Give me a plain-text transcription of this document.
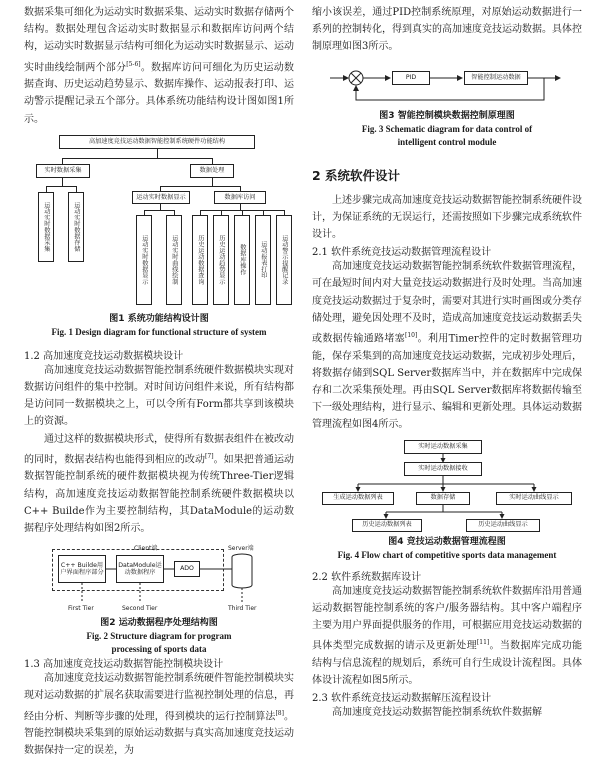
数据采集可细化为运动实时数据采集、运动实时数据存储两个结构。数据处理包含运动实时数据显示和数据库访问两个结构，运动实时数据显示结构可细化为运动实时数据显示、运动实时曲线绘制两个部分[5-6]。数据库访问可细化为历史运动数据查询、历史运动趋势显示、数据库操作、运动报表打印、运动警示提醒记录五个部分。具体系统功能结构设计图如图1所示。

高加速度竞技运动数据智能控制系统硬件功能结构
实时数据采集	数据处理
运动实时数据采集	运动实时数据存储
运动实时数据显示	数据库访问
运动实时数据显示	运动实时曲线绘制	历史运动数据查询	历史运动趋势显示	数据库操作	运动报表打印	运动警示提醒记录
图1 系统功能结构设计图
Fig. 1 Design diagram for functional structure of system

1.2 高加速度竞技运动数据模块设计

高加速度竞技运动数据智能控制系统硬件数据模块实现对数据访问组件的集中控制。对时间访问组件来说，所有结构都是访问同一数据模块之上，可以令所有Form都共享到该模块上的资源。

通过这样的数据模块形式，使得所有数据表组件在被改动的同时，数据表结构也能得到相应的改动[7]。如果把普通运动数据智能控制系统的硬件数据模块视为传统Three-Tier逻辑结构，高加速度竞技运动数据智能控制系统硬件数据模块以C++ Builde作为主要控制结构，其DataModule的运动数据程序处理结构如图2所示。

Client端	Server端
C++ Builde用户界面程序部分
DataModule运动数据程序
ADO
First Tier	Second Tier	Third Tier
图2 运动数据程序处理结构图
Fig. 2 Structure diagram for program
processing of sports data

1.3 高加速度竞技运动数据智能控制模块设计

高加速度竞技运动数据智能控制系统硬件智能控制模块实现对运动数据的扩展名获取需要进行监视控制处理的信息，再经由分析、判断等步骤的处理，得到模块的运行控制算法[8]。智能控制模块采集到的原始运动数据与真实高加速度竞技运动数据保持一定的误差，为

缩小该误差，通过PID控制系统原理，对原始运动数据进行一系列的控制转化，得到真实的高加速度竞技运动数据。具体控制原理如图3所示。

PID	智能控制运动数据
图3 智能控制模块数据控制原理图
Fig. 3 Schematic diagram for data control of
intelligent control module

2 系统软件设计

上述步骤完成高加速度竞技运动数据智能控制系统硬件设计，为保证系统的无误运行，还需按照如下步骤完成系统软件设计。

2.1 软件系统竞技运动数据管理流程设计

高加速度竞技运动数据智能控制系统软件数据管理流程，可在最短时间内对大量竞技运动数据进行及时处理。当高加速度竞技运动数据过于复杂时，需要对其进行实时画图或分类存储处理，避免因处理不及时，造成高加速度竞技运动数据丢失或数据传输通路堵塞[10]。利用Timer控件的定时数据管理功能，保存采集到的高加速度竞技运动数据，完成初步处理后，将数据存储到SQL Server数据库当中，并在数据库中完成保存和二次采集预处理。再由SQL Server数据库将数据传输至下一级处理结构，进行显示、编辑和更新处理。具体运动数据管理流程如图4所示。

实时运动数据采集
实时运动数据接收
生成运动数据列表	数据存储	实时运动曲线显示
历史运动数据列表	历史运动曲线显示
图4 竞技运动数据管理流程图
Fig. 4 Flow chart of competitive sports data management

2.2 软件系统数据库设计

高加速度竞技运动数据智能控制系统软件数据库沿用普通运动数据智能控制系统的客户/服务器结构。其中客户端程序主要为用户界面提供服务的作用，可根据应用竞技运动数据的具体类型完成数据的请示及更新处理[11]。当数据库完成功能结构与信息流程的规划后，系统可自行生成设计流程图。具体体设计流程如图5所示。

2.3 软件系统竞技运动数据解压流程设计

高加速度竞技运动数据智能控制系统软件数据解
